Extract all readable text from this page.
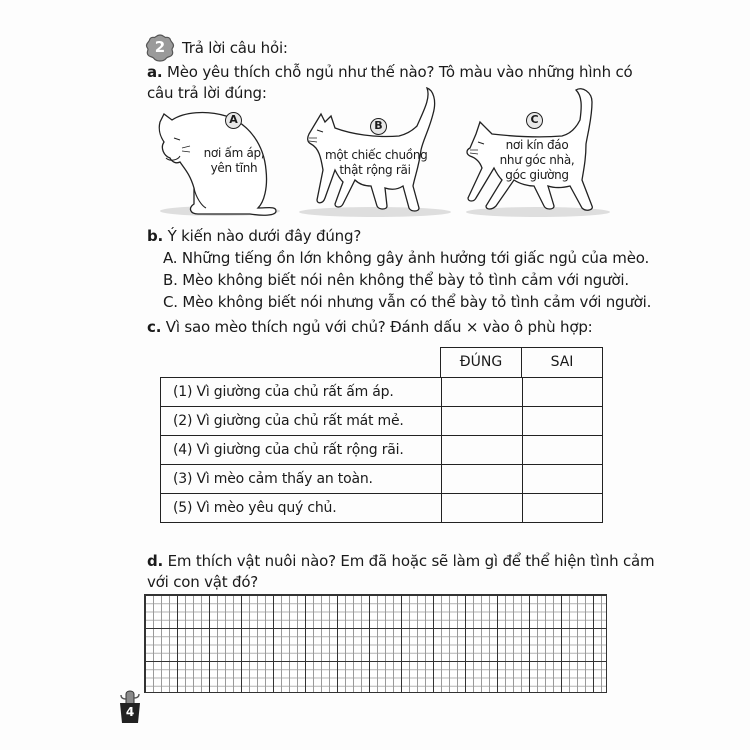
2	Trả lời câu hỏi:
a. Mèo yêu thích chỗ ngủ như thế nào? Tô màu vào những hình có
câu trả lời đúng:
A
nơi ấm áp,
yên tĩnh
B
một chiếc chuồng
thật rộng rãi
C
nơi kín đáo
như góc nhà,
góc giường
b. Ý kiến nào dưới đây đúng?
A. Những tiếng ồn lớn không gây ảnh hưởng tới giấc ngủ của mèo.
B. Mèo không biết nói nên không thể bày tỏ tình cảm với người.
C. Mèo không biết nói nhưng vẫn có thể bày tỏ tình cảm với người.
c. Vì sao mèo thích ngủ với chủ? Đánh dấu × vào ô phù hợp:
ĐÚNG	SAI
(1) Vì giường của chủ rất ấm áp.
(2) Vì giường của chủ rất mát mẻ.
(4) Vì giường của chủ rất rộng rãi.
(3) Vì mèo cảm thấy an toàn.
(5) Vì mèo yêu quý chủ.
d. Em thích vật nuôi nào? Em đã hoặc sẽ làm gì để thể hiện tình cảm
với con vật đó?
4
